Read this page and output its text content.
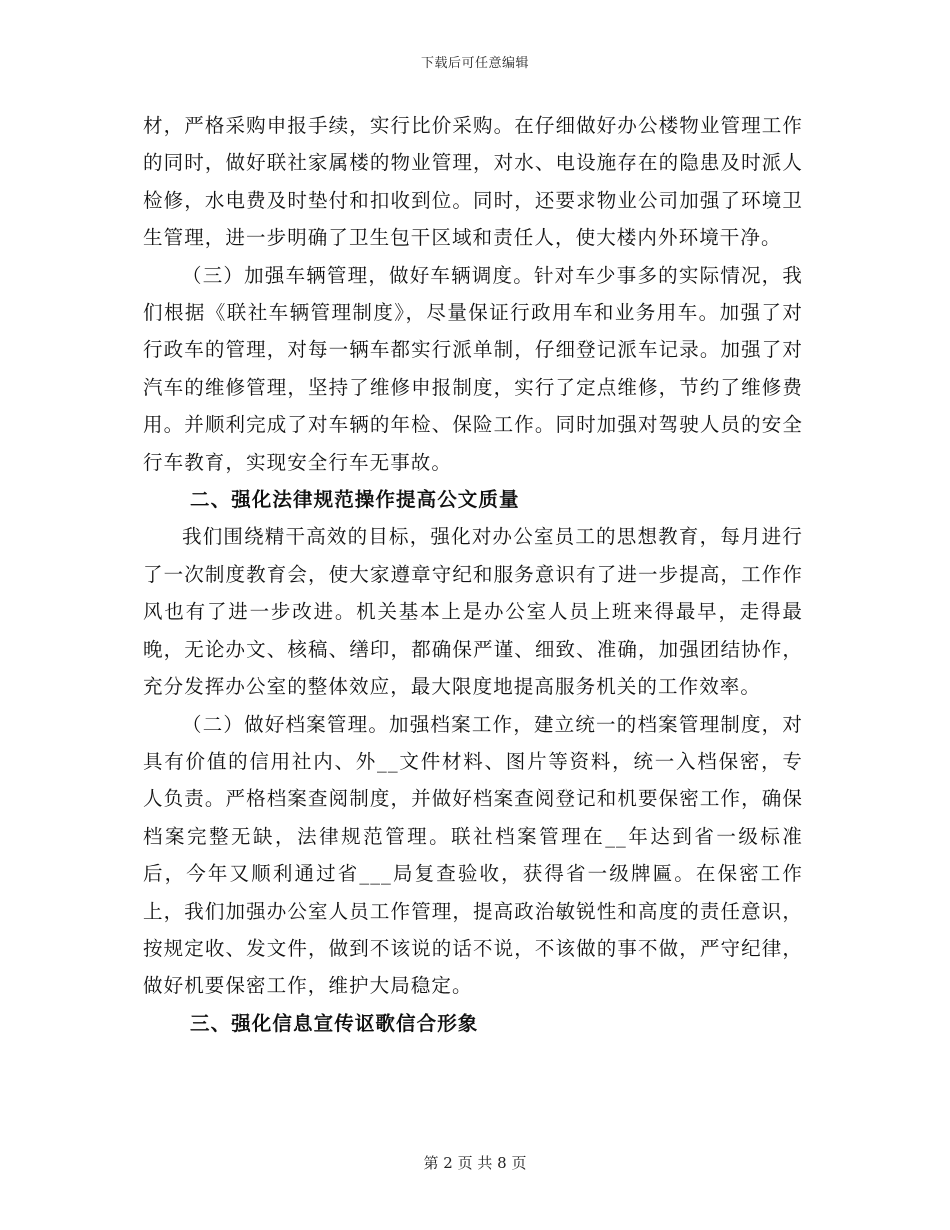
下载后可任意编辑

材，严格采购申报手续，实行比价采购。在仔细做好办公楼物业管理工作的同时，做好联社家属楼的物业管理，对水、电设施存在的隐患及时派人检修，水电费及时垫付和扣收到位。同时，还要求物业公司加强了环境卫生管理，进一步明确了卫生包干区域和责任人，使大楼内外环境干净。

（三）加强车辆管理，做好车辆调度。针对车少事多的实际情况，我们根据《联社车辆管理制度》，尽量保证行政用车和业务用车。加强了对行政车的管理，对每一辆车都实行派单制，仔细登记派车记录。加强了对汽车的维修管理，坚持了维修申报制度，实行了定点维修，节约了维修费用。并顺利完成了对车辆的年检、保险工作。同时加强对驾驶人员的安全行车教育，实现安全行车无事故。

二、强化法律规范操作提高公文质量

我们围绕精干高效的目标，强化对办公室员工的思想教育，每月进行了一次制度教育会，使大家遵章守纪和服务意识有了进一步提高，工作作风也有了进一步改进。机关基本上是办公室人员上班来得最早，走得最晚，无论办文、核稿、缮印，都确保严谨、细致、准确，加强团结协作，充分发挥办公室的整体效应，最大限度地提高服务机关的工作效率。

（二）做好档案管理。加强档案工作，建立统一的档案管理制度，对具有价值的信用社内、外__文件材料、图片等资料，统一入档保密，专人负责。严格档案查阅制度，并做好档案查阅登记和机要保密工作，确保档案完整无缺，法律规范管理。联社档案管理在__年达到省一级标准后，今年又顺利通过省___局复查验收，获得省一级牌匾。在保密工作上，我们加强办公室人员工作管理，提高政治敏锐性和高度的责任意识，按规定收、发文件，做到不该说的话不说，不该做的事不做，严守纪律，做好机要保密工作，维护大局稳定。

三、强化信息宣传讴歌信合形象

第 2 页 共 8 页
